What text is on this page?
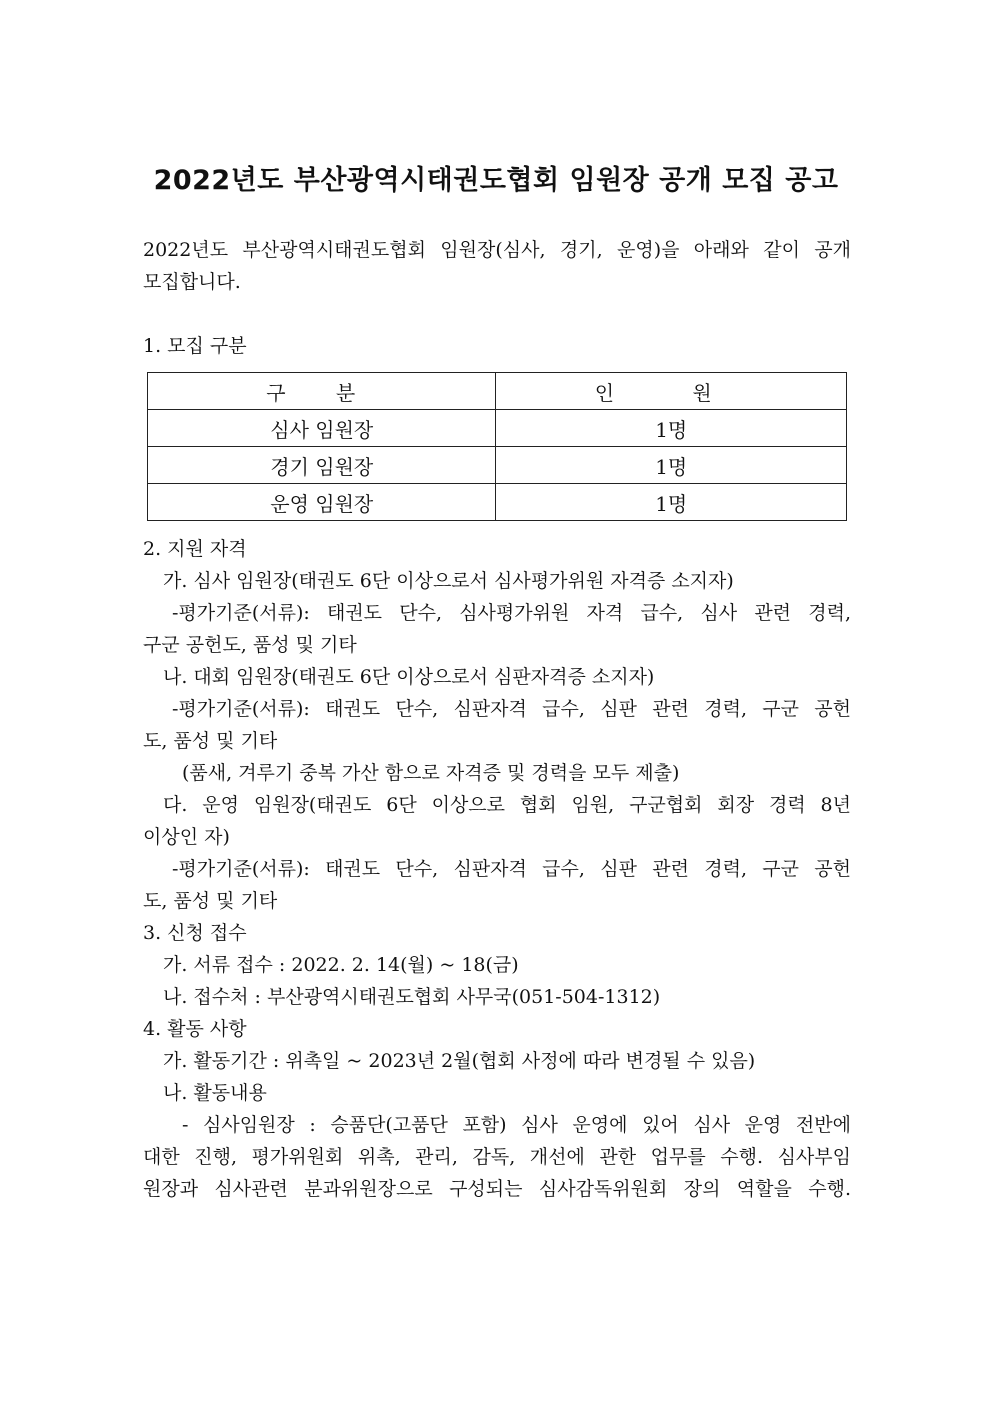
2022년도 부산광역시태권도협회 임원장 공개 모집 공고

2022년도 부산광역시태권도협회 임원장(심사, 경기, 운영)을 아래와 같이 공개

모집합니다.

1. 모집 구분

구 분	인 원
심사 임원장	1명
경기 임원장	1명
운영 임원장	1명

2. 지원 자격

가. 심사 임원장(태권도 6단 이상으로서 심사평가위원 자격증 소지자)

-평가기준(서류): 태권도 단수, 심사평가위원 자격 급수, 심사 관련 경력,

구군 공헌도, 품성 및 기타

나. 대회 임원장(태권도 6단 이상으로서 심판자격증 소지자)

-평가기준(서류): 태권도 단수, 심판자격 급수, 심판 관련 경력, 구군 공헌

도, 품성 및 기타

(품새, 겨루기 중복 가산 함으로 자격증 및 경력을 모두 제출)

다. 운영 임원장(태권도 6단 이상으로 협회 임원, 구군협회 회장 경력 8년

이상인 자)

-평가기준(서류): 태권도 단수, 심판자격 급수, 심판 관련 경력, 구군 공헌

도, 품성 및 기타

3. 신청 접수

가. 서류 접수 : 2022. 2. 14(월) ~ 18(금)

나. 접수처 : 부산광역시태권도협회 사무국(051-504-1312)

4. 활동 사항

가. 활동기간 : 위촉일 ~ 2023년 2월(협회 사정에 따라 변경될 수 있음)

나. 활동내용

- 심사임원장 : 승품단(고품단 포함) 심사 운영에 있어 심사 운영 전반에

대한 진행, 평가위원회 위촉, 관리, 감독, 개선에 관한 업무를 수행. 심사부임

원장과 심사관련 분과위원장으로 구성되는 심사감독위원회 장의 역할을 수행.
